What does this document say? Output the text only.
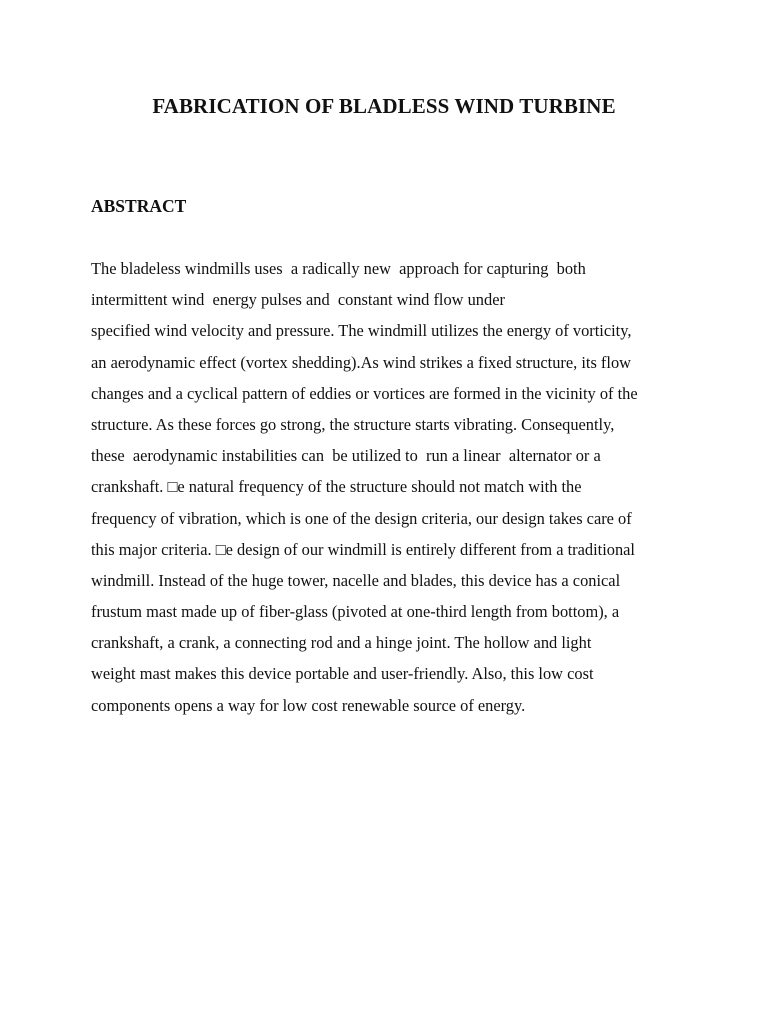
FABRICATION OF BLADLESS WIND TURBINE
ABSTRACT
The bladeless windmills uses  a radically new  approach for capturing  both
intermittent wind  energy pulses and  constant wind flow under
specified wind velocity and pressure. The windmill utilizes the energy of vorticity,
an aerodynamic effect (vortex shedding).As wind strikes a fixed structure, its flow
changes and a cyclical pattern of eddies or vortices are formed in the vicinity of the
structure. As these forces go strong, the structure starts vibrating. Consequently,
these  aerodynamic instabilities can  be utilized to  run a linear  alternator or a
crankshaft. □e natural frequency of the structure should not match with the
frequency of vibration, which is one of the design criteria, our design takes care of
this major criteria. □e design of our windmill is entirely different from a traditional
windmill. Instead of the huge tower, nacelle and blades, this device has a conical
frustum mast made up of fiber-glass (pivoted at one-third length from bottom), a
crankshaft, a crank, a connecting rod and a hinge joint. The hollow and light
weight mast makes this device portable and user-friendly. Also, this low cost
components opens a way for low cost renewable source of energy.
